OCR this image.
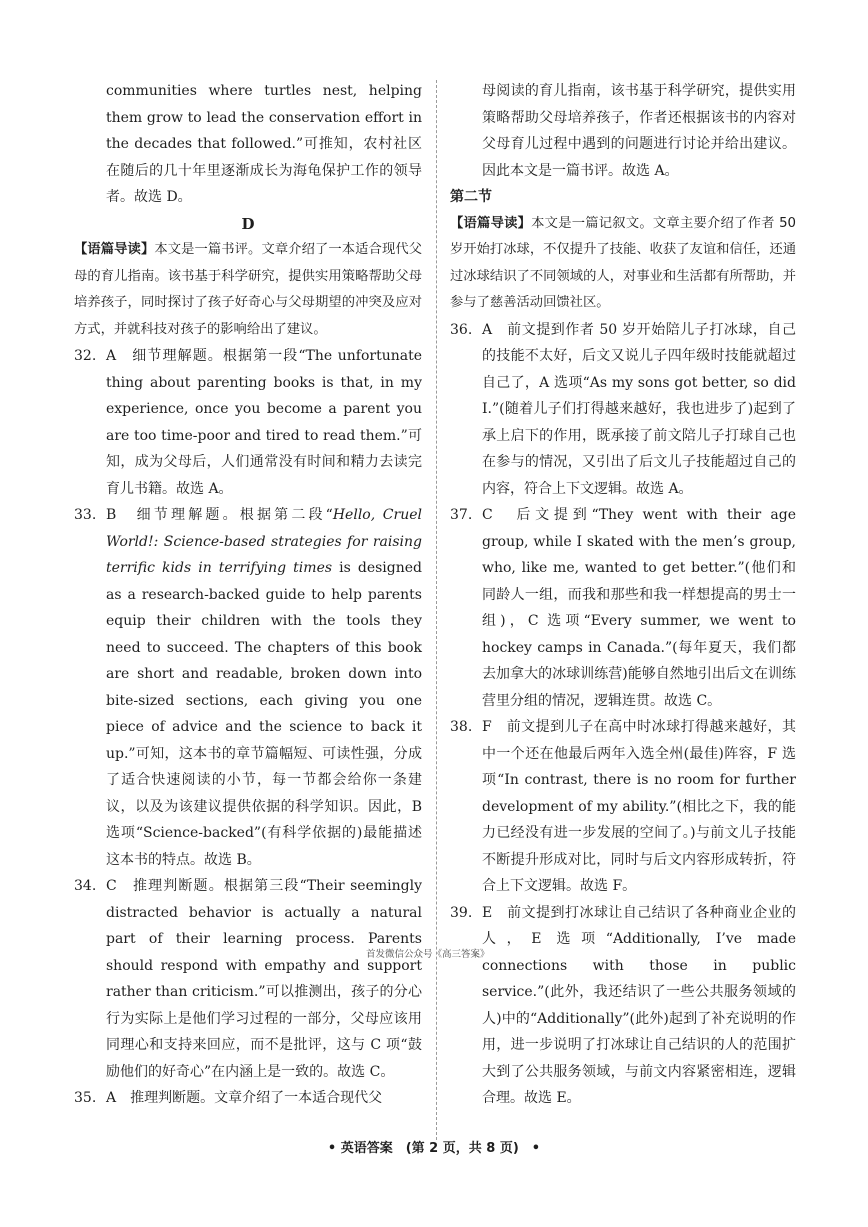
communities where turtles nest, helping them grow to lead the conservation effort in the decades that followed.”可推知，农村社区在随后的几十年里逐渐成长为海龟保护工作的领导者。故选 D。

D

【语篇导读】本文是一篇书评。文章介绍了一本适合现代父母的育儿指南。该书基于科学研究，提供实用策略帮助父母培养孩子，同时探讨了孩子好奇心与父母期望的冲突及应对方式，并就科技对孩子的影响给出了建议。

32. A　细节理解题。根据第一段“The unfortunate thing about parenting books is that, in my experience, once you become a parent you are too time-poor and tired to read them.”可知，成为父母后，人们通常没有时间和精力去读完育儿书籍。故选 A。

33. B　细节理解题。根据第二段“Hello, Cruel World!: Science-based strategies for raising terrific kids in terrifying times is designed as a research-backed guide to help parents equip their children with the tools they need to succeed. The chapters of this book are short and readable, broken down into bite-sized sections, each giving you one piece of advice and the science to back it up.”可知，这本书的章节篇幅短、可读性强，分成了适合快速阅读的小节，每一节都会给你一条建议，以及为该建议提供依据的科学知识。因此，B 选项“Science-backed”(有科学依据的)最能描述这本书的特点。故选 B。

34. C　推理判断题。根据第三段“Their seemingly distracted behavior is actually a natural part of their learning process. Parents should respond with empathy and support rather than criticism.”可以推测出，孩子的分心行为实际上是他们学习过程的一部分，父母应该用同理心和支持来回应，而不是批评，这与 C 项“鼓励他们的好奇心”在内涵上是一致的。故选 C。

35. A　推理判断题。文章介绍了一本适合现代父

母阅读的育儿指南，该书基于科学研究，提供实用策略帮助父母培养孩子，作者还根据该书的内容对父母育儿过程中遇到的问题进行讨论并给出建议。因此本文是一篇书评。故选 A。

第二节

【语篇导读】本文是一篇记叙文。文章主要介绍了作者 50 岁开始打冰球，不仅提升了技能、收获了友谊和信任，还通过冰球结识了不同领域的人，对事业和生活都有所帮助，并参与了慈善活动回馈社区。

36. A　前文提到作者 50 岁开始陪儿子打冰球，自己的技能不太好，后文又说儿子四年级时技能就超过自己了，A 选项“As my sons got better, so did I.”(随着儿子们打得越来越好，我也进步了)起到了承上启下的作用，既承接了前文陪儿子打球自己也在参与的情况，又引出了后文儿子技能超过自己的内容，符合上下文逻辑。故选 A。

37. C　后文提到“They went with their age group, while I skated with the men’s group, who, like me, wanted to get better.”(他们和同龄人一组，而我和那些和我一样想提高的男士一组)，C 选项“Every summer, we went to hockey camps in Canada.”(每年夏天，我们都去加拿大的冰球训练营)能够自然地引出后文在训练营里分组的情况，逻辑连贯。故选 C。

38. F　前文提到儿子在高中时冰球打得越来越好，其中一个还在他最后两年入选全州(最佳)阵容，F 选项“In contrast, there is no room for further development of my ability.”(相比之下，我的能力已经没有进一步发展的空间了。)与前文儿子技能不断提升形成对比，同时与后文内容形成转折，符合上下文逻辑。故选 F。

39. E　前文提到打冰球让自己结识了各种商业企业的人，E 选项“Additionally, I’ve made connections with those in public service.”(此外，我还结识了一些公共服务领域的人)中的“Additionally”(此外)起到了补充说明的作用，进一步说明了打冰球让自己结识的人的范围扩大到了公共服务领域，与前文内容紧密相连，逻辑合理。故选 E。

首发微信公众号《高三答案》
• 英语答案　(第 2 页，共 8 页)　•
